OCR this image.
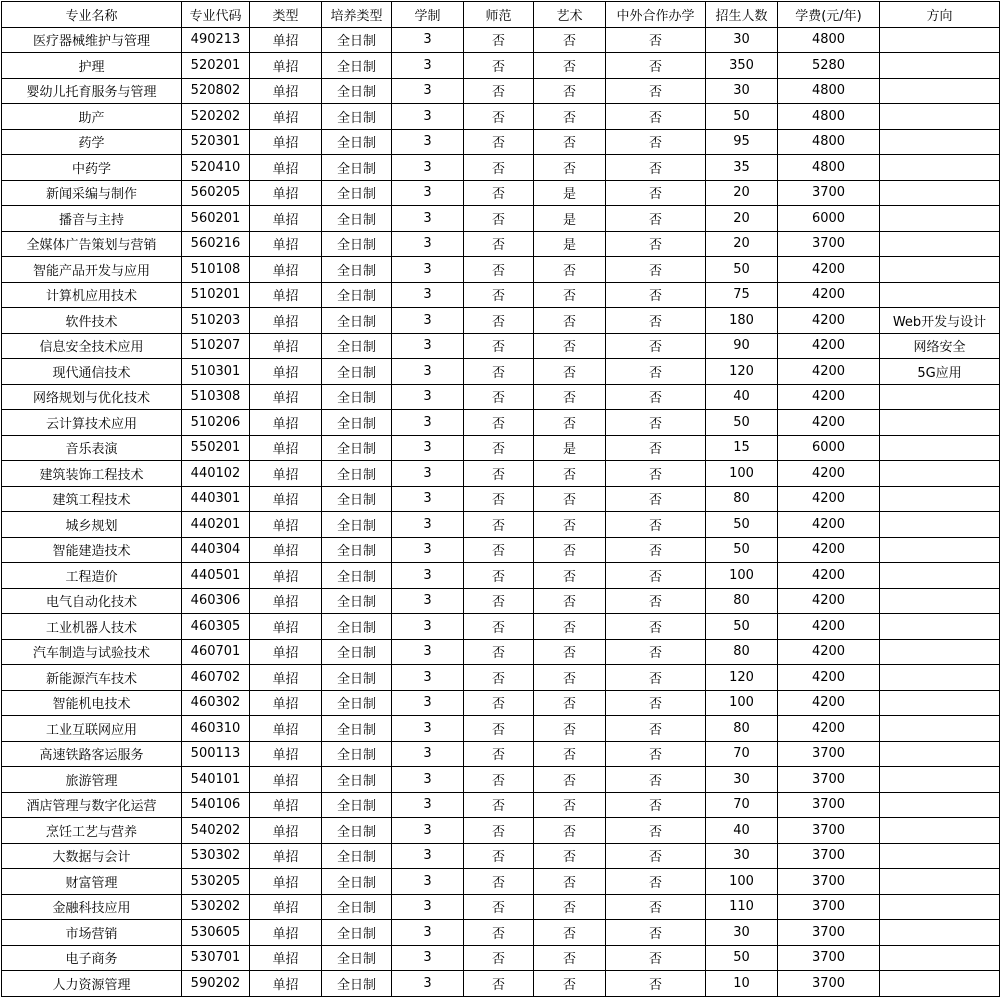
专业名称	专业代码	类型	培养类型	学制	师范	艺术	中外合作办学	招生人数	学费(元/年)	方向
医疗器械维护与管理	490213	单招	全日制	3	否	否	否	30	4800	
护理	520201	单招	全日制	3	否	否	否	350	5280	
婴幼儿托育服务与管理	520802	单招	全日制	3	否	否	否	30	4800	
助产	520202	单招	全日制	3	否	否	否	50	4800	
药学	520301	单招	全日制	3	否	否	否	95	4800	
中药学	520410	单招	全日制	3	否	否	否	35	4800	
新闻采编与制作	560205	单招	全日制	3	否	是	否	20	3700	
播音与主持	560201	单招	全日制	3	否	是	否	20	6000	
全媒体广告策划与营销	560216	单招	全日制	3	否	是	否	20	3700	
智能产品开发与应用	510108	单招	全日制	3	否	否	否	50	4200	
计算机应用技术	510201	单招	全日制	3	否	否	否	75	4200	
软件技术	510203	单招	全日制	3	否	否	否	180	4200	Web开发与设计
信息安全技术应用	510207	单招	全日制	3	否	否	否	90	4200	网络安全
现代通信技术	510301	单招	全日制	3	否	否	否	120	4200	5G应用
网络规划与优化技术	510308	单招	全日制	3	否	否	否	40	4200	
云计算技术应用	510206	单招	全日制	3	否	否	否	50	4200	
音乐表演	550201	单招	全日制	3	否	是	否	15	6000	
建筑装饰工程技术	440102	单招	全日制	3	否	否	否	100	4200	
建筑工程技术	440301	单招	全日制	3	否	否	否	80	4200	
城乡规划	440201	单招	全日制	3	否	否	否	50	4200	
智能建造技术	440304	单招	全日制	3	否	否	否	50	4200	
工程造价	440501	单招	全日制	3	否	否	否	100	4200	
电气自动化技术	460306	单招	全日制	3	否	否	否	80	4200	
工业机器人技术	460305	单招	全日制	3	否	否	否	50	4200	
汽车制造与试验技术	460701	单招	全日制	3	否	否	否	80	4200	
新能源汽车技术	460702	单招	全日制	3	否	否	否	120	4200	
智能机电技术	460302	单招	全日制	3	否	否	否	100	4200	
工业互联网应用	460310	单招	全日制	3	否	否	否	80	4200	
高速铁路客运服务	500113	单招	全日制	3	否	否	否	70	3700	
旅游管理	540101	单招	全日制	3	否	否	否	30	3700	
酒店管理与数字化运营	540106	单招	全日制	3	否	否	否	70	3700	
烹饪工艺与营养	540202	单招	全日制	3	否	否	否	40	3700	
大数据与会计	530302	单招	全日制	3	否	否	否	30	3700	
财富管理	530205	单招	全日制	3	否	否	否	100	3700	
金融科技应用	530202	单招	全日制	3	否	否	否	110	3700	
市场营销	530605	单招	全日制	3	否	否	否	30	3700	
电子商务	530701	单招	全日制	3	否	否	否	50	3700	
人力资源管理	590202	单招	全日制	3	否	否	否	10	3700	
